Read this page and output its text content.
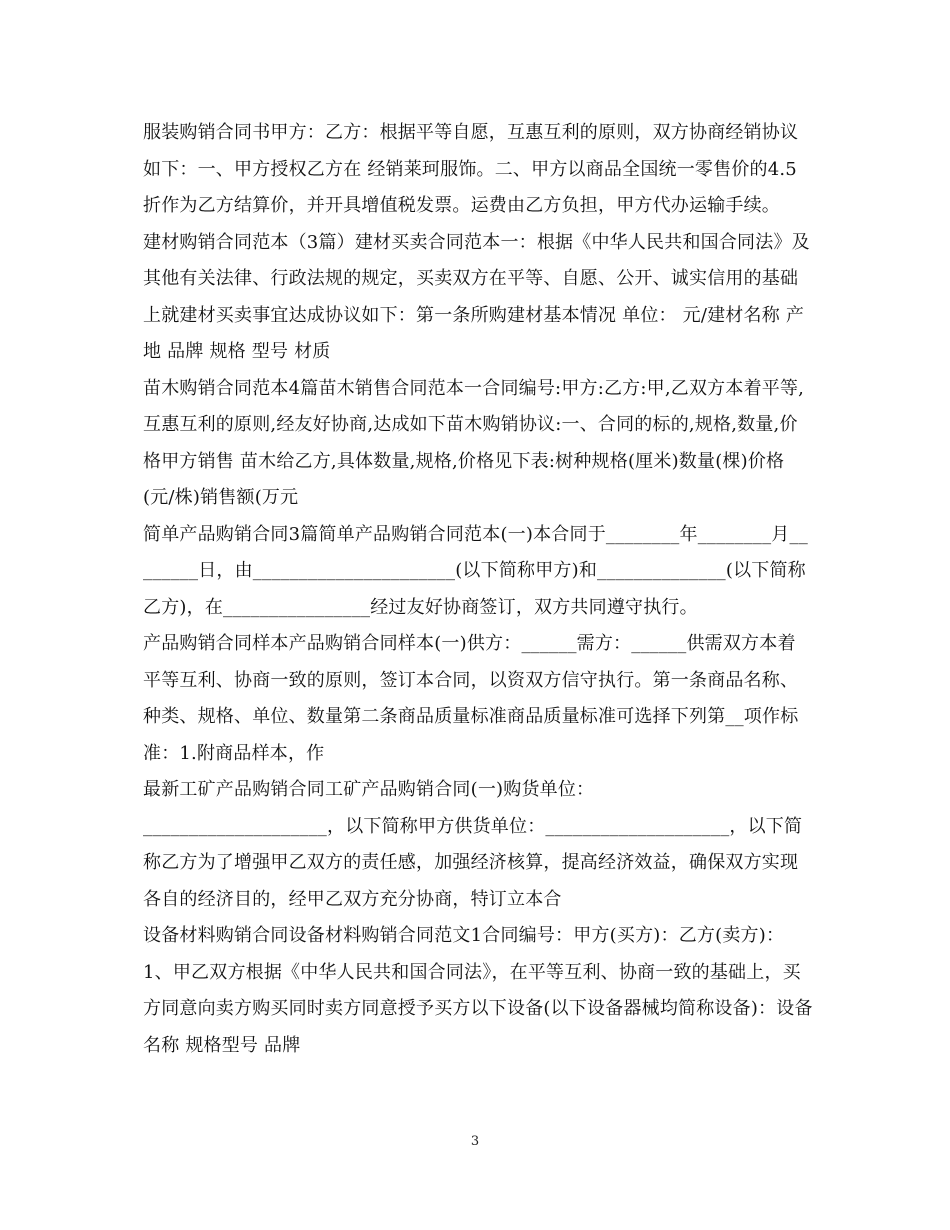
服装购销合同书甲方：乙方：根据平等自愿，互惠互利的原则，双方协商经销协议如下：一、甲方授权乙方在 经销莱珂服饰。二、甲方以商品全国统一零售价的4.5折作为乙方结算价，并开具增值税发票。运费由乙方负担，甲方代办运输手续。

建材购销合同范本（3篇）建材买卖合同范本一：根据《中华人民共和国合同法》及其他有关法律、行政法规的规定，买卖双方在平等、自愿、公开、诚实信用的基础上就建材买卖事宜达成协议如下：第一条所购建材基本情况 单位： 元/建材名称 产地 品牌 规格 型号 材质

苗木购销合同范本4篇苗木销售合同范本一合同编号:甲方:乙方:甲,乙双方本着平等,互惠互利的原则,经友好协商,达成如下苗木购销协议:一、合同的标的,规格,数量,价格甲方销售 苗木给乙方,具体数量,规格,价格见下表:树种规格(厘米)数量(棵)价格(元/株)销售额(万元

简单产品购销合同3篇简单产品购销合同范本(一)本合同于________年________月________日，由______________________(以下简称甲方)和______________(以下简称乙方)，在________________经过友好协商签订，双方共同遵守执行。

产品购销合同样本产品购销合同样本(一)供方：______需方：______供需双方本着平等互利、协商一致的原则，签订本合同，以资双方信守执行。第一条商品名称、种类、规格、单位、数量第二条商品质量标准商品质量标准可选择下列第__项作标准：1.附商品样本，作

最新工矿产品购销合同工矿产品购销合同(一)购货单位：

____________________，以下简称甲方供货单位：____________________，以下简称乙方为了增强甲乙双方的责任感，加强经济核算，提高经济效益，确保双方实现各自的经济目的，经甲乙双方充分协商，特订立本合

设备材料购销合同设备材料购销合同范文1合同编号：甲方(买方)：乙方(卖方)：1、甲乙双方根据《中华人民共和国合同法》，在平等互利、协商一致的基础上，买方同意向卖方购买同时卖方同意授予买方以下设备(以下设备器械均简称设备)：设备名称 规格型号 品牌

3
